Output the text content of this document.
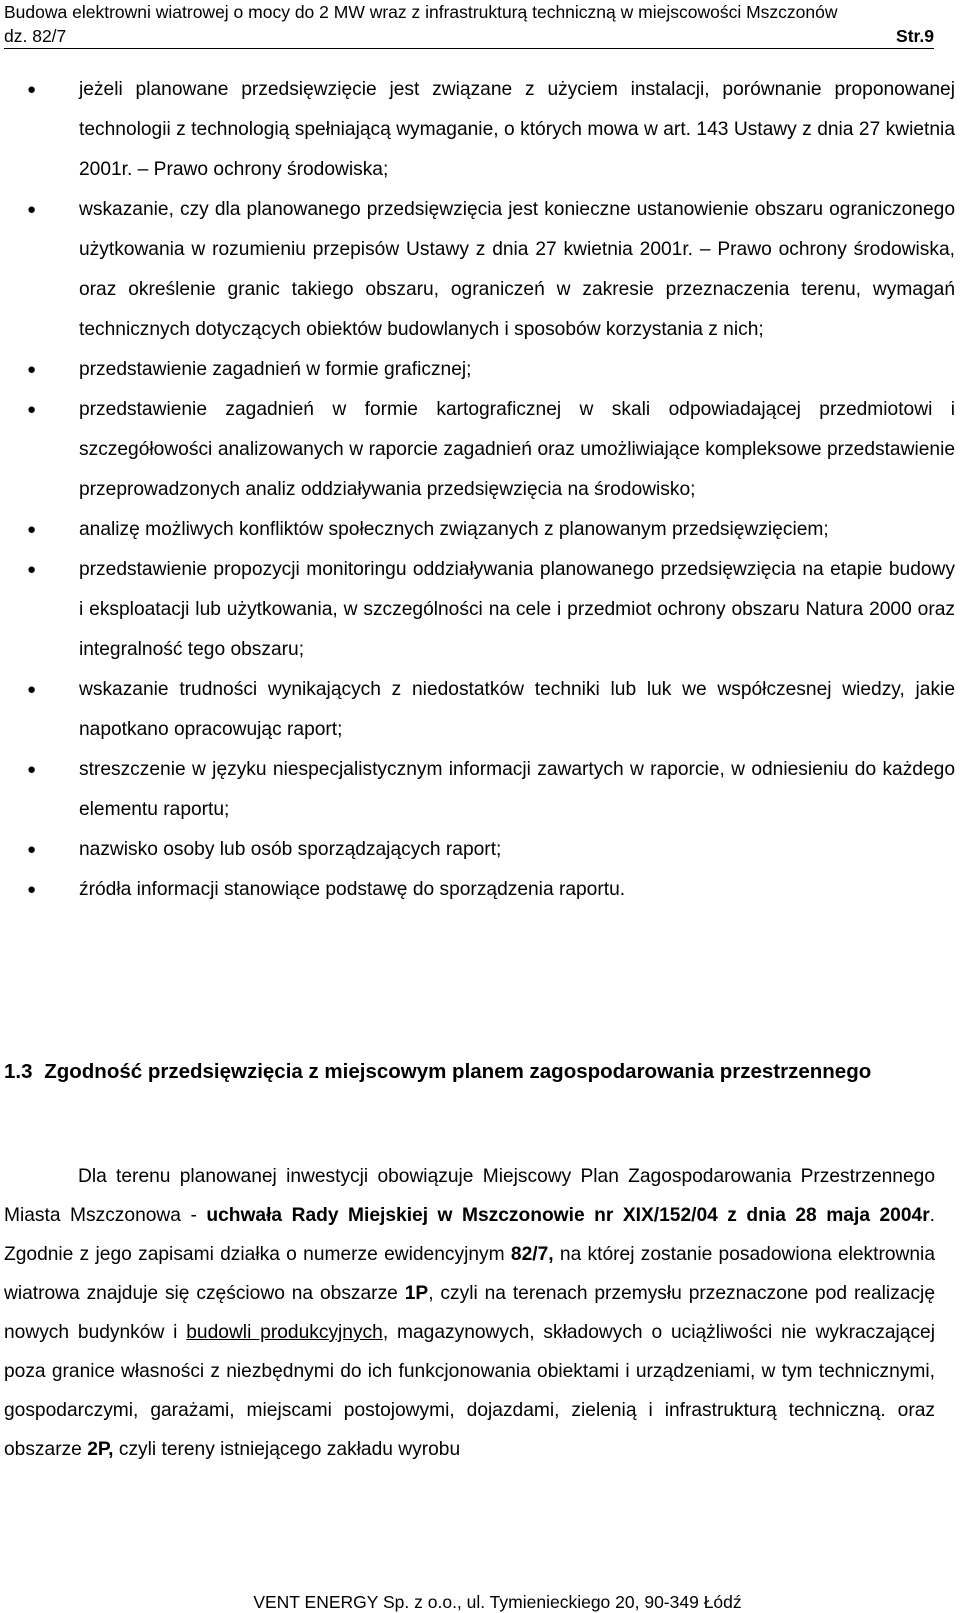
Budowa elektrowni wiatrowej o mocy do 2 MW wraz z infrastrukturą techniczną w miejscowości Mszczonów
dz. 82/7	Str.9
●	jeżeli planowane przedsięwzięcie jest związane z użyciem instalacji, porównanie proponowanej technologii z technologią spełniającą wymaganie, o których mowa w art. 143 Ustawy z dnia 27 kwietnia 2001r. – Prawo ochrony środowiska;
●	wskazanie, czy dla planowanego przedsięwzięcia jest konieczne ustanowienie obszaru ograniczonego użytkowania w rozumieniu przepisów Ustawy z dnia 27 kwietnia 2001r. – Prawo ochrony środowiska, oraz określenie granic takiego obszaru, ograniczeń w zakresie przeznaczenia terenu, wymagań technicznych dotyczących obiektów budowlanych i sposobów korzystania z nich;
●	przedstawienie zagadnień w formie graficznej;
●	przedstawienie zagadnień w formie kartograficznej w skali odpowiadającej przedmiotowi i szczegółowości analizowanych w raporcie zagadnień oraz umożliwiające kompleksowe przedstawienie przeprowadzonych analiz oddziaływania przedsięwzięcia na środowisko;
●	analizę możliwych konfliktów społecznych związanych z planowanym przedsięwzięciem;
●	przedstawienie propozycji monitoringu oddziaływania planowanego przedsięwzięcia na etapie budowy i eksploatacji lub użytkowania, w szczególności na cele i przedmiot ochrony obszaru Natura 2000 oraz integralność tego obszaru;
●	wskazanie trudności wynikających z niedostatków techniki lub luk we współczesnej wiedzy, jakie napotkano opracowując raport;
●	streszczenie w języku niespecjalistycznym informacji zawartych w raporcie, w odniesieniu do każdego elementu raportu;
●	nazwisko osoby lub osób sporządzających raport;
●	źródła informacji stanowiące podstawę do sporządzenia raportu.
1.3 Zgodność przedsięwzięcia z miejscowym planem zagospodarowania przestrzennego

Dla terenu planowanej inwestycji obowiązuje Miejscowy Plan Zagospodarowania Przestrzennego Miasta Mszczonowa - uchwała Rady Miejskiej w Mszczonowie nr XIX/152/04 z dnia 28 maja 2004r. Zgodnie z jego zapisami działka o numerze ewidencyjnym 82/7, na której zostanie posadowiona elektrownia wiatrowa znajduje się częściowo na obszarze 1P, czyli na terenach przemysłu przeznaczone pod realizację nowych budynków i budowli produkcyjnych, magazynowych, składowych o uciążliwości nie wykraczającej poza granice własności z niezbędnymi do ich funkcjonowania obiektami i urządzeniami, w tym technicznymi, gospodarczymi, garażami, miejscami postojowymi, dojazdami, zielenią i infrastrukturą techniczną. oraz obszarze 2P, czyli tereny istniejącego zakładu wyrobu

VENT ENERGY Sp. z o.o., ul. Tymienieckiego 20, 90-349 Łódź
